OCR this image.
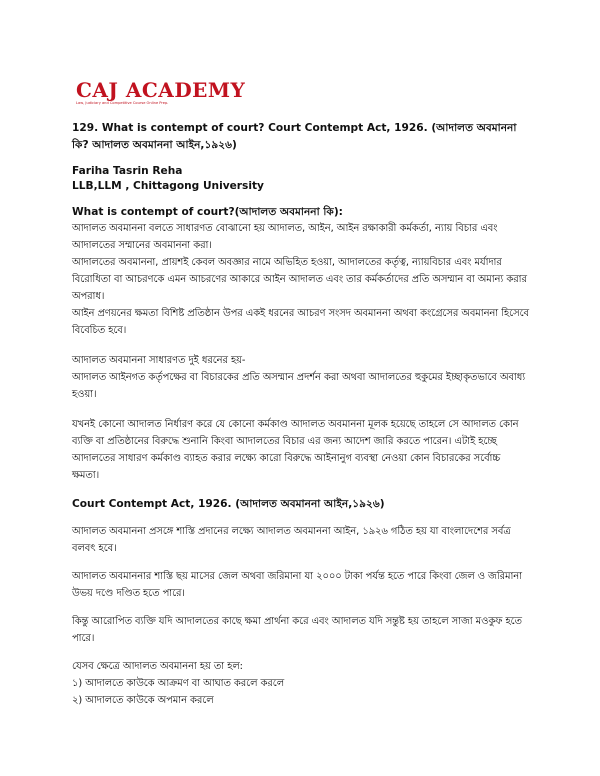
CAJ ACADEMY
Law, Judiciary and Competitive Course Online Prep.

129. What is contempt of court? Court Contempt Act, 1926. (আদালত অবমাননা কি? আদালত অবমাননা আইন,১৯২৬)

Fariha Tasrin Reha

LLB,LLM , Chittagong University

What is contempt of court?(আদালত অবমাননা কি):

আদালত অবমাননা বলতে সাধারণত বোঝানো হয় আদালত, আইন, আইন রক্ষাকারী কর্মকর্তা, ন্যায় বিচার এবং আদালতের সম্মানের অবমাননা করা।

আদালতের অবমাননা, প্রায়শই কেবল অবজ্ঞার নামে অভিহিত হওয়া, আদালতের কর্তৃত্ব, ন্যায়বিচার এবং মর্যাদার বিরোধিতা বা আচরণকে এমন আচরণের আকারে আইন আদালত এবং তার কর্মকর্তাদের প্রতি অসম্মান বা অমান্য করার অপরাধ।

আইন প্রণয়নের ক্ষমতা বিশিষ্ট প্রতিষ্ঠান উপর একই ধরনের আচরণ সংসদ অবমাননা অথবা কংগ্রেসের অবমাননা হিসেবে বিবেচিত হবে।

আদালত অবমাননা সাধারণত দুই ধরনের হয়-

আদালত আইনগত কর্তৃপক্ষের বা বিচারকের প্রতি অসম্মান প্রদর্শন করা অথবা আদালতের হুকুমের ইচ্ছাকৃতভাবে অবাধ্য হওয়া।

যখনই কোনো আদালত নির্ধারণ করে যে কোনো কর্মকাণ্ড আদালত অবমাননা মূলক হয়েছে তাহলে সে আদালত কোন ব্যক্তি বা প্রতিষ্ঠানের বিরুদ্ধে শুনানি কিংবা আদালতের বিচার এর জন্য আদেশ জারি করতে পারেন। এটাই হচ্ছে আদালতের সাধারণ কর্মকাণ্ড ব্যাহত করার লক্ষ্যে কারো বিরুদ্ধে আইনানুগ ব্যবস্থা নেওয়া কোন বিচারকের সর্বোচ্চ ক্ষমতা।

Court Contempt Act, 1926. (আদালত অবমাননা আইন,১৯২৬)

আদালত অবমাননা প্রসঙ্গে শাস্তি প্রদানের লক্ষ্যে আদালত অবমাননা আইন, ১৯২৬ গঠিত হয় যা বাংলাদেশের সর্বত্র বলবৎ হবে।

আদালত অবমাননার শাস্তি ছয় মাসের জেল অথবা জরিমানা যা ২০০০ টাকা পর্যন্ত হতে পারে কিংবা জেল ও জরিমানা উভয় দণ্ডে দণ্ডিত হতে পারে।

কিন্তু আরোপিত ব্যক্তি যদি আদালতের কাছে ক্ষমা প্রার্থনা করে এবং আদালত যদি সন্তুষ্ট হয় তাহলে সাজা মওকুফ হতে পারে।

যেসব ক্ষেত্রে আদালত অবমাননা হয় তা হল:

১) আদালতে কাউকে আক্রমণ বা আঘাত করলে করলে

২) আদালতে কাউকে অপমান করলে
